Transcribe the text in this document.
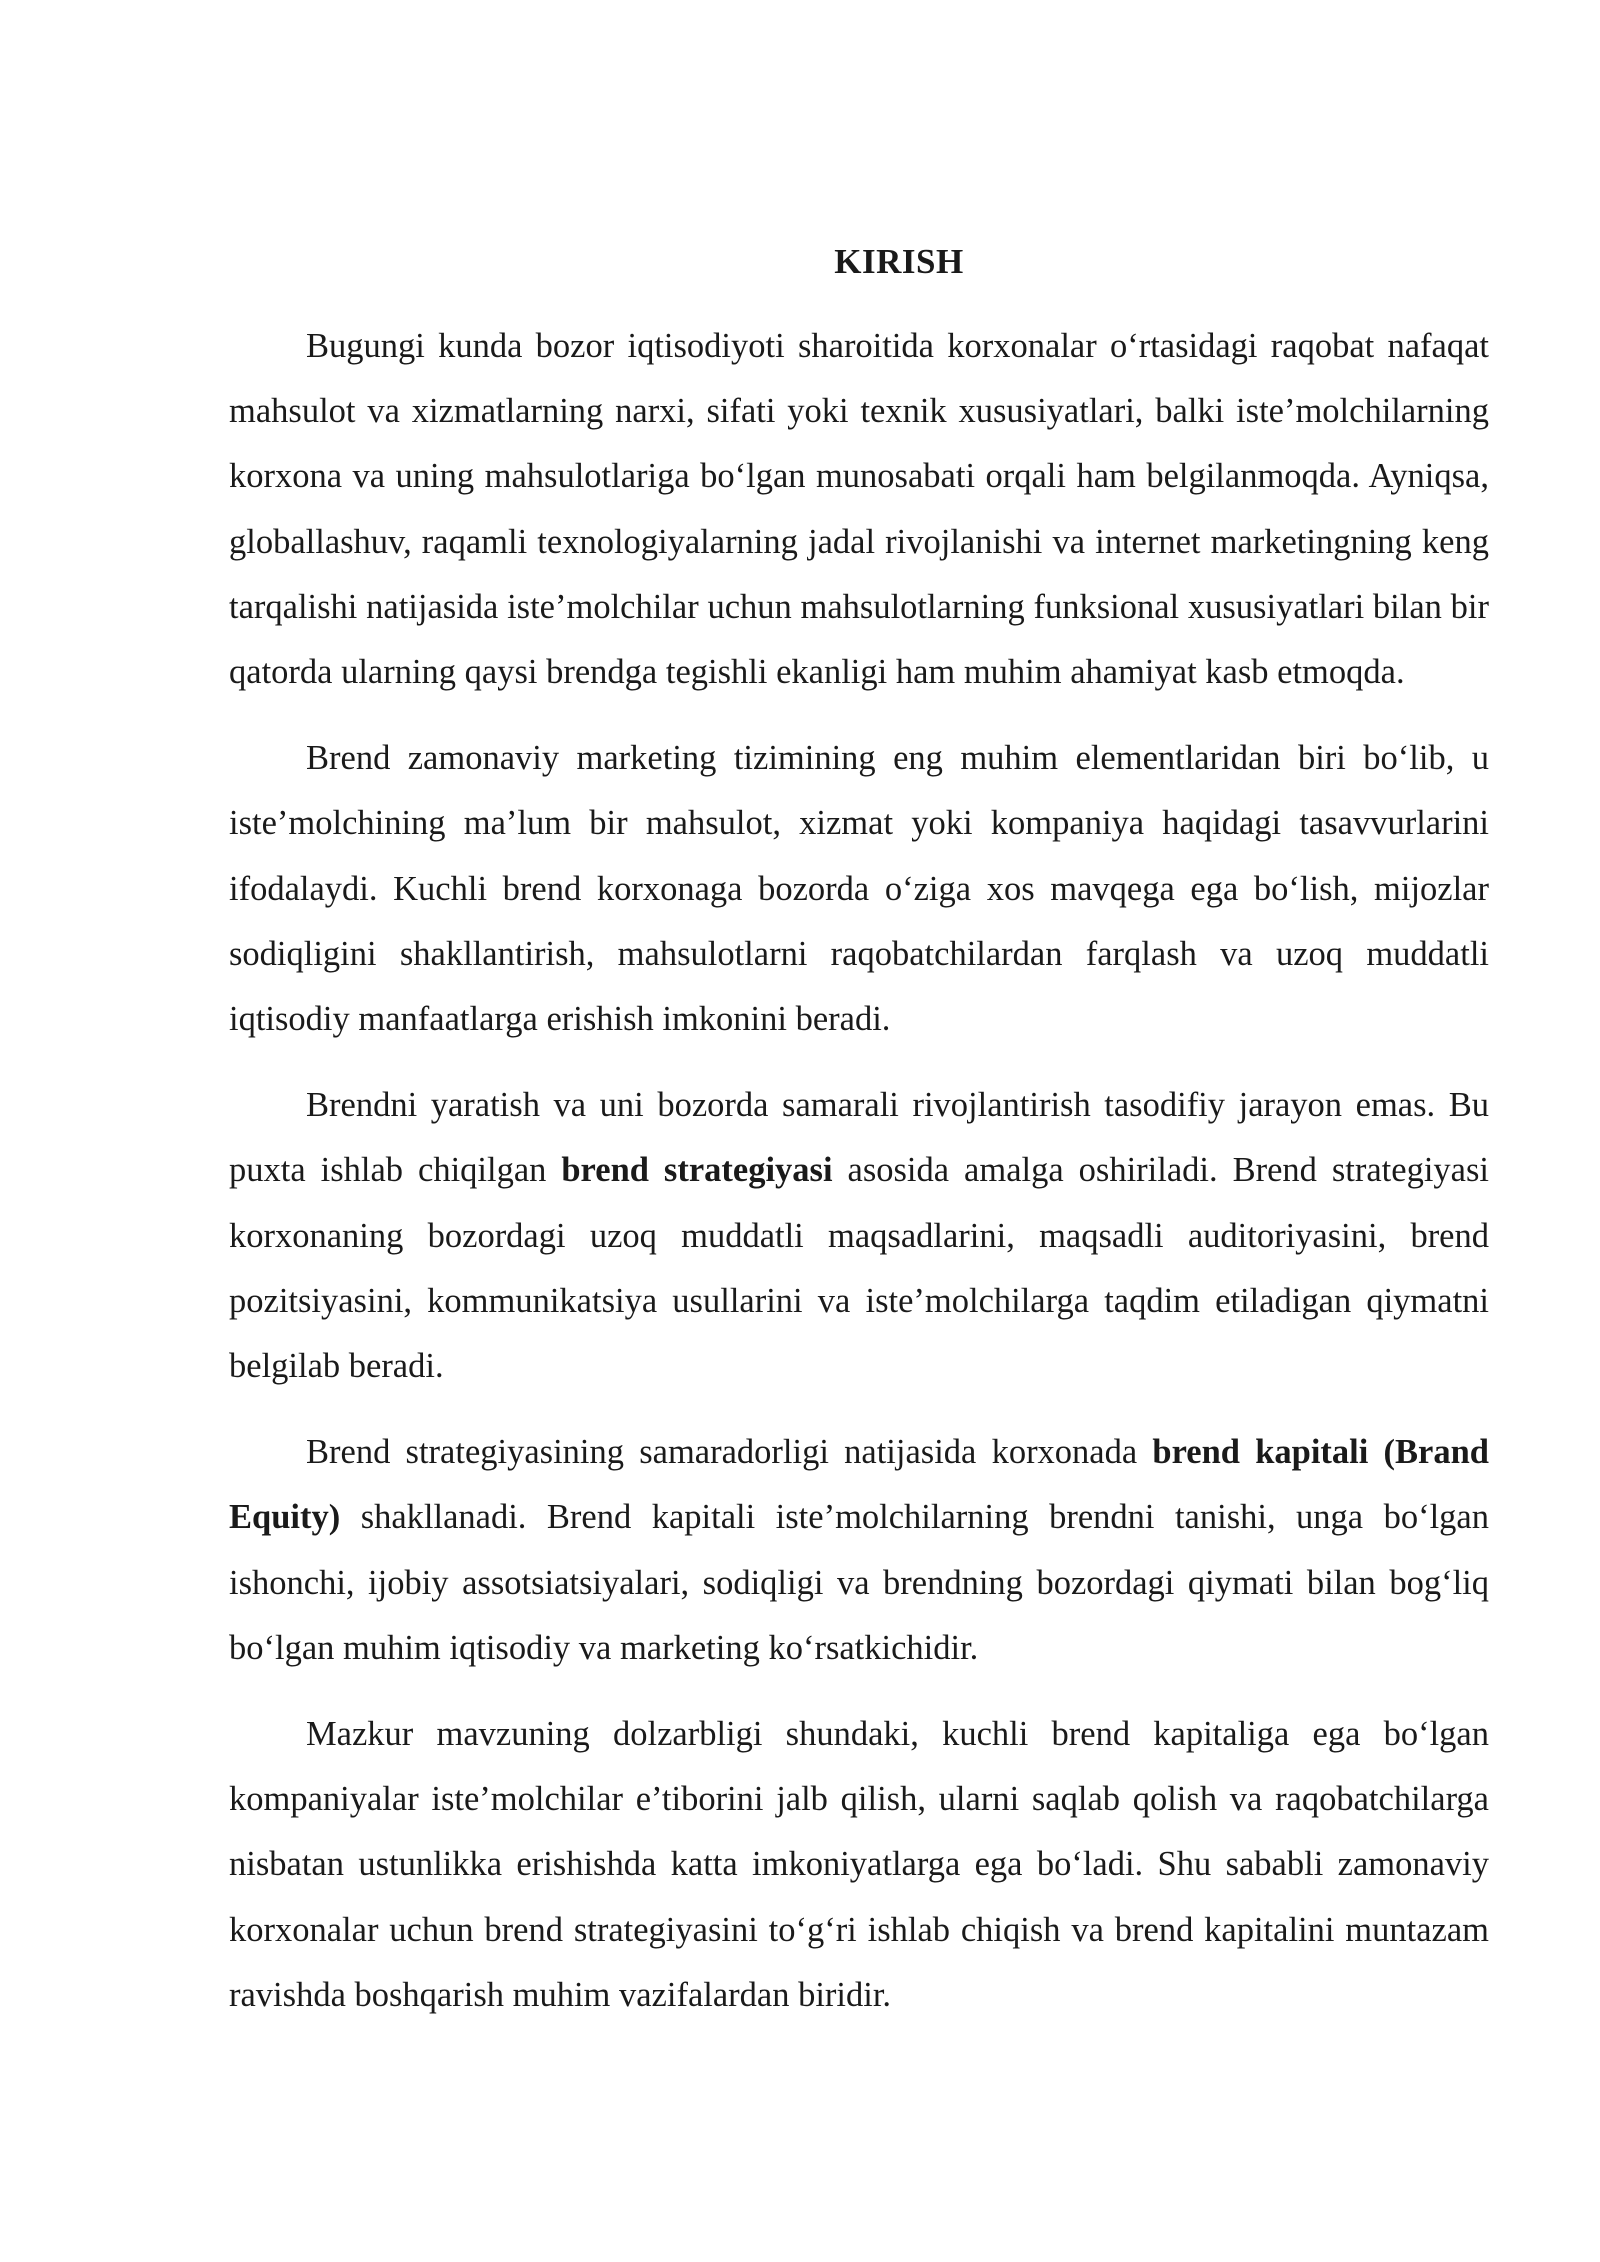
KIRISH

Bugungi kunda bozor iqtisodiyoti sharoitida korxonalar o‘rtasidagi raqobat nafaqat mahsulot va xizmatlarning narxi, sifati yoki texnik xususiyatlari, balki iste’molchilarning korxona va uning mahsulotlariga bo‘lgan munosabati orqali ham belgilanmoqda. Ayniqsa, globallashuv, raqamli texnologiyalarning jadal rivojlanishi va internet marketingning keng tarqalishi natijasida iste’molchilar uchun mahsulotlarning funksional xususiyatlari bilan bir qatorda ularning qaysi brendga tegishli ekanligi ham muhim ahamiyat kasb etmoqda.

Brend zamonaviy marketing tizimining eng muhim elementlaridan biri bo‘lib, u iste’molchining ma’lum bir mahsulot, xizmat yoki kompaniya haqidagi tasavvurlarini ifodalaydi. Kuchli brend korxonaga bozorda o‘ziga xos mavqega ega bo‘lish, mijozlar sodiqligini shakllantirish, mahsulotlarni raqobatchilardan farqlash va uzoq muddatli iqtisodiy manfaatlarga erishish imkonini beradi.

Brendni yaratish va uni bozorda samarali rivojlantirish tasodifiy jarayon emas. Bu puxta ishlab chiqilgan brend strategiyasi asosida amalga oshiriladi. Brend strategiyasi korxonaning bozordagi uzoq muddatli maqsadlarini, maqsadli auditoriyasini, brend pozitsiyasini, kommunikatsiya usullarini va iste’molchilarga taqdim etiladigan qiymatni belgilab beradi.

Brend strategiyasining samaradorligi natijasida korxonada brend kapitali (Brand Equity) shakllanadi. Brend kapitali iste’molchilarning brendni tanishi, unga bo‘lgan ishonchi, ijobiy assotsiatsiyalari, sodiqligi va brendning bozordagi qiymati bilan bog‘liq bo‘lgan muhim iqtisodiy va marketing ko‘rsatkichidir.

Mazkur mavzuning dolzarbligi shundaki, kuchli brend kapitaliga ega bo‘lgan kompaniyalar iste’molchilar e’tiborini jalb qilish, ularni saqlab qolish va raqobatchilarga nisbatan ustunlikka erishishda katta imkoniyatlarga ega bo‘ladi. Shu sababli zamonaviy korxonalar uchun brend strategiyasini to‘g‘ri ishlab chiqish va brend kapitalini muntazam ravishda boshqarish muhim vazifalardan biridir.
